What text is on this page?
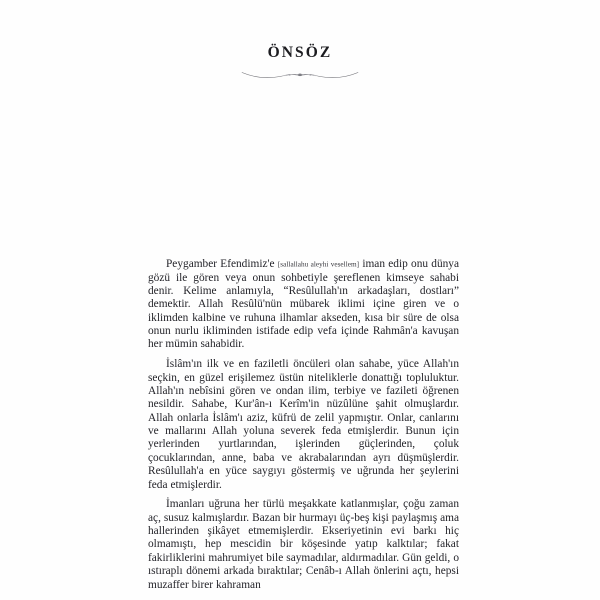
ÖNSÖZ

Peygamber Efendimiz'e [sallallahu aleyhi vesellem] iman edip onu dünya gözü ile gören veya onun sohbetiyle şereflenen kimseye sahabi denir. Kelime anlamıyla, “Resûlullah'ın arkadaşları, dostları” demektir. Allah Resûlü'nün mübarek iklimi içine giren ve o iklimden kalbine ve ruhuna ilhamlar akseden, kısa bir süre de olsa onun nurlu ikliminden istifade edip vefa içinde Rahmân'a kavuşan her mümin sahabidir.

İslâm'ın ilk ve en faziletli öncüleri olan sahabe, yüce Allah'ın seçkin, en güzel erişilemez üstün niteliklerle donattığı topluluktur. Allah'ın nebîsini gören ve ondan ilim, terbiye ve fazileti öğrenen nesildir. Sahabe, Kur'ân-ı Kerîm'in nüzûlüne şahit olmuşlardır. Allah onlarla İslâm'ı aziz, küfrü de zelil yapmıştır. Onlar, canlarını ve mallarını Allah yoluna severek feda etmişlerdir. Bunun için yerlerinden yurtlarından, işlerinden güçlerinden, çoluk çocuklarından, anne, baba ve akrabalarından ayrı düşmüşlerdir. Resûlullah'a en yüce saygıyı göstermiş ve uğrunda her şeylerini feda etmişlerdir.

İmanları uğruna her türlü meşakkate katlanmışlar, çoğu zaman aç, susuz kalmışlardır. Bazan bir hurmayı üç-beş kişi paylaşmış ama hallerinden şikâyet etmemişlerdir. Ekseriyetinin evi barkı hiç olmamıştı, hep mescidin bir köşesinde yatıp kalktılar; fakat fakirliklerini mahrumiyet bile saymadılar, aldırmadılar. Gün geldi, o ıstıraplı dönemi arkada bıraktılar; Cenâb-ı Allah önlerini açtı, hepsi muzaffer birer kahraman
